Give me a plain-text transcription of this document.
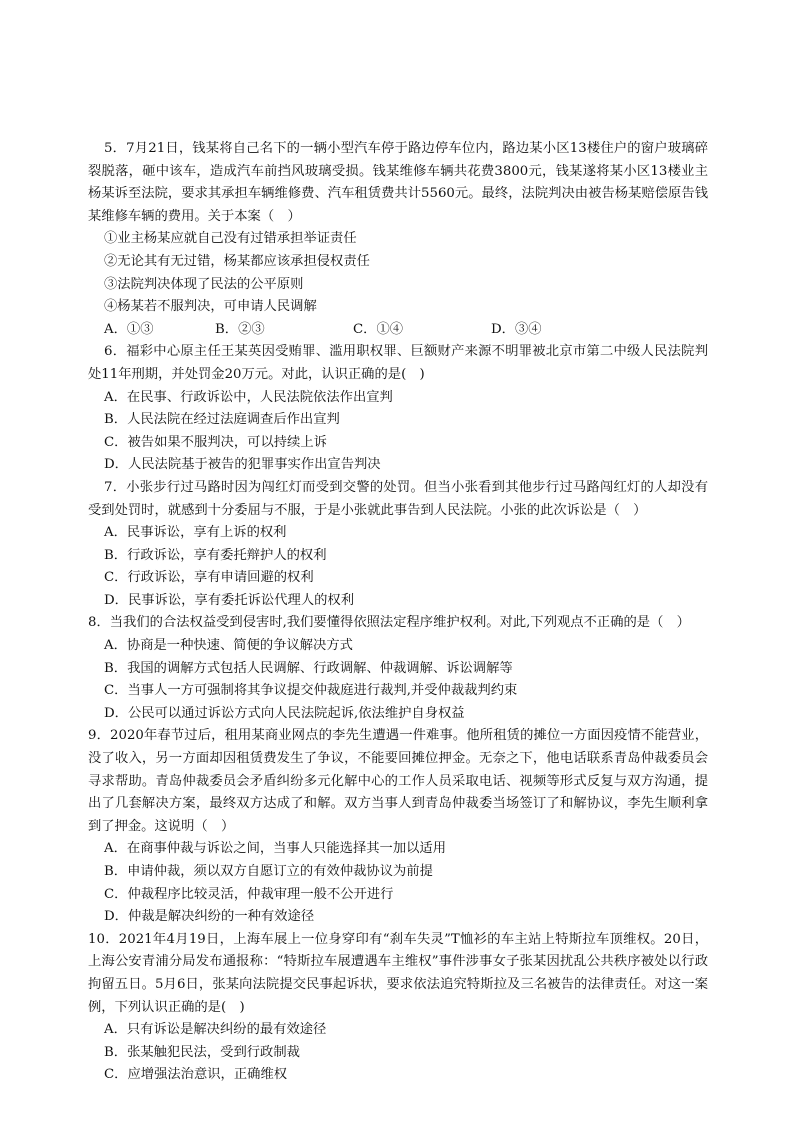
5．7月21日，钱某将自己名下的一辆小型汽车停于路边停车位内，路边某小区13楼住户的窗户玻璃碎裂脱落，砸中该车，造成汽车前挡风玻璃受损。钱某维修车辆共花费3800元，钱某遂将某小区13楼业主杨某诉至法院，要求其承担车辆维修费、汽车租赁费共计5560元。最终，法院判决由被告杨某赔偿原告钱某维修车辆的费用。关于本案（　）

①业主杨某应就自己没有过错承担举证责任

②无论其有无过错，杨某都应该承担侵权责任

③法院判决体现了民法的公平原则

④杨某若不服判决，可申请人民调解

A．①③	B．②③	C．①④	D．③④

6．福彩中心原主任王某英因受贿罪、滥用职权罪、巨额财产来源不明罪被北京市第二中级人民法院判处11年刑期，并处罚金20万元。对此，认识正确的是(　)

A．在民事、行政诉讼中，人民法院依法作出宣判

B．人民法院在经过法庭调查后作出宣判

C．被告如果不服判决，可以持续上诉

D．人民法院基于被告的犯罪事实作出宣告判决

7．小张步行过马路时因为闯红灯而受到交警的处罚。但当小张看到其他步行过马路闯红灯的人却没有受到处罚时，就感到十分委屈与不服，于是小张就此事告到人民法院。小张的此次诉讼是（　）

A．民事诉讼，享有上诉的权利

B．行政诉讼，享有委托辩护人的权利

C．行政诉讼，享有申请回避的权利

D．民事诉讼，享有委托诉讼代理人的权利

8．当我们的合法权益受到侵害时,我们要懂得依照法定程序维护权利。对此,下列观点不正确的是（　）

A．协商是一种快速、简便的争议解决方式

B．我国的调解方式包括人民调解、行政调解、仲裁调解、诉讼调解等

C．当事人一方可强制将其争议提交仲裁庭进行裁判,并受仲裁裁判约束

D．公民可以通过诉讼方式向人民法院起诉,依法维护自身权益

9．2020年春节过后，租用某商业网点的李先生遭遇一件难事。他所租赁的摊位一方面因疫情不能营业，没了收入，另一方面却因租赁费发生了争议，不能要回摊位押金。无奈之下，他电话联系青岛仲裁委员会寻求帮助。青岛仲裁委员会矛盾纠纷多元化解中心的工作人员采取电话、视频等形式反复与双方沟通，提出了几套解决方案，最终双方达成了和解。双方当事人到青岛仲裁委当场签订了和解协议，李先生顺利拿到了押金。这说明（　）

A．在商事仲裁与诉讼之间，当事人只能选择其一加以适用

B．申请仲裁，须以双方自愿订立的有效仲裁协议为前提

C．仲裁程序比较灵活，仲裁审理一般不公开进行

D．仲裁是解决纠纷的一种有效途径

10．2021年4月19日，上海车展上一位身穿印有“刹车失灵”T恤衫的车主站上特斯拉车顶维权。20日，上海公安青浦分局发布通报称：“特斯拉车展遭遇车主维权”事件涉事女子张某因扰乱公共秩序被处以行政拘留五日。5月6日，张某向法院提交民事起诉状，要求依法追究特斯拉及三名被告的法律责任。对这一案例，下列认识正确的是(　)

A．只有诉讼是解决纠纷的最有效途径

B．张某触犯民法，受到行政制裁

C．应增强法治意识，正确维权
